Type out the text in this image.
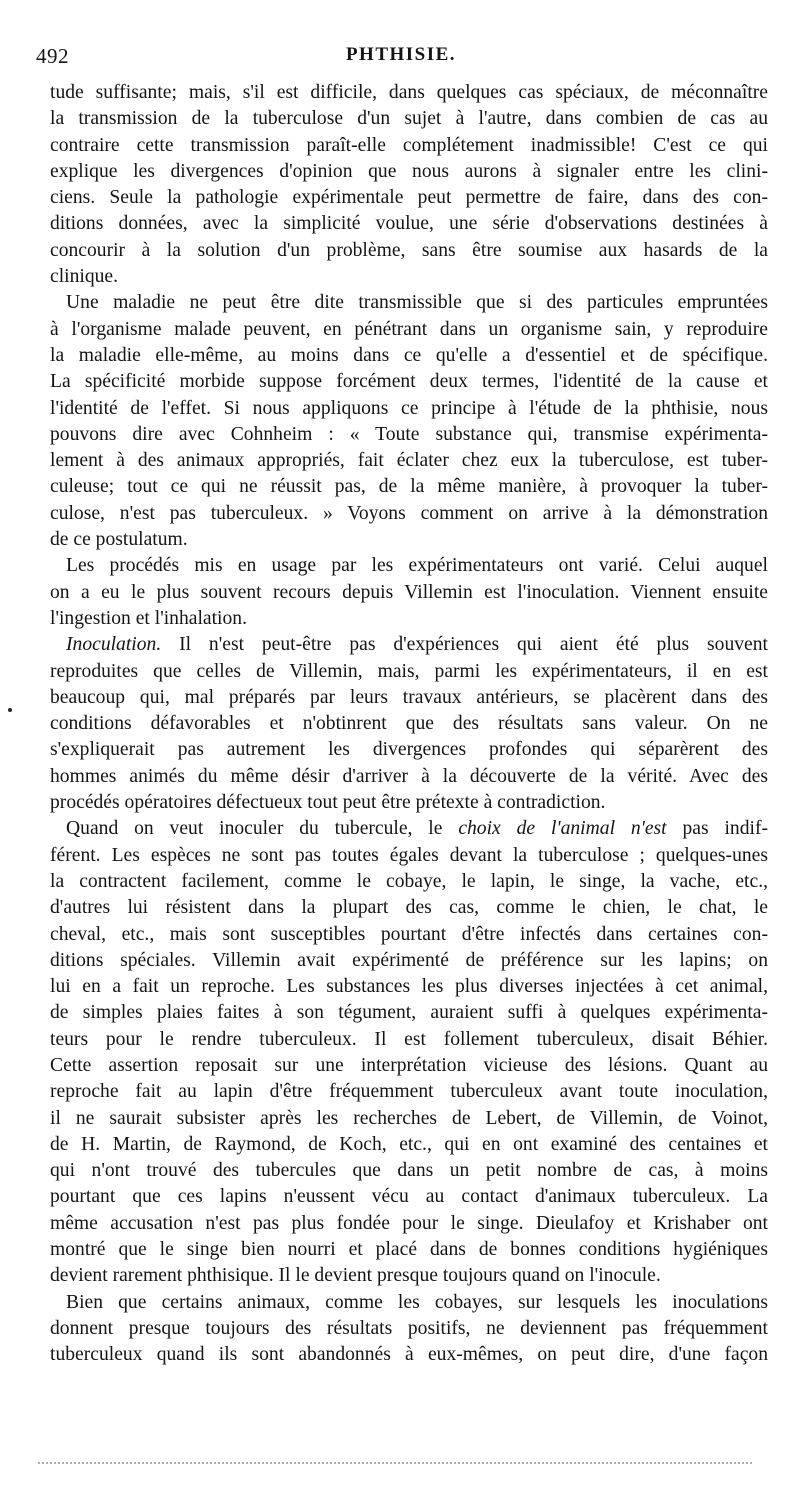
492	PHTHISIE.

tude suffisante; mais, s'il est difficile, dans quelques cas spéciaux, de méconnaître
la transmission de la tuberculose d'un sujet à l'autre, dans combien de cas au
contraire cette transmission paraît-elle complétement inadmissible! C'est ce qui
explique les divergences d'opinion que nous aurons à signaler entre les clini-
ciens. Seule la pathologie expérimentale peut permettre de faire, dans des con-
ditions données, avec la simplicité voulue, une série d'observations destinées à
concourir à la solution d'un problème, sans être soumise aux hasards de la
clinique.

Une maladie ne peut être dite transmissible que si des particules empruntées
à l'organisme malade peuvent, en pénétrant dans un organisme sain, y reproduire
la maladie elle-même, au moins dans ce qu'elle a d'essentiel et de spécifique.
La spécificité morbide suppose forcément deux termes, l'identité de la cause et
l'identité de l'effet. Si nous appliquons ce principe à l'étude de la phthisie, nous
pouvons dire avec Cohnheim : « Toute substance qui, transmise expérimenta-
lement à des animaux appropriés, fait éclater chez eux la tuberculose, est tuber-
culeuse; tout ce qui ne réussit pas, de la même manière, à provoquer la tuber-
culose, n'est pas tuberculeux. » Voyons comment on arrive à la démonstration
de ce postulatum.

Les procédés mis en usage par les expérimentateurs ont varié. Celui auquel
on a eu le plus souvent recours depuis Villemin est l'inoculation. Viennent ensuite
l'ingestion et l'inhalation.

Inoculation. Il n'est peut-être pas d'expériences qui aient été plus souvent
reproduites que celles de Villemin, mais, parmi les expérimentateurs, il en est
beaucoup qui, mal préparés par leurs travaux antérieurs, se placèrent dans des
conditions défavorables et n'obtinrent que des résultats sans valeur. On ne
s'expliquerait pas autrement les divergences profondes qui séparèrent des
hommes animés du même désir d'arriver à la découverte de la vérité. Avec des
procédés opératoires défectueux tout peut être prétexte à contradiction.

Quand on veut inoculer du tubercule, le choix de l'animal n'est pas indif-
férent. Les espèces ne sont pas toutes égales devant la tuberculose ; quelques-unes
la contractent facilement, comme le cobaye, le lapin, le singe, la vache, etc.,
d'autres lui résistent dans la plupart des cas, comme le chien, le chat, le
cheval, etc., mais sont susceptibles pourtant d'être infectés dans certaines con-
ditions spéciales. Villemin avait expérimenté de préférence sur les lapins; on
lui en a fait un reproche. Les substances les plus diverses injectées à cet animal,
de simples plaies faites à son tégument, auraient suffi à quelques expérimenta-
teurs pour le rendre tuberculeux. Il est follement tuberculeux, disait Béhier.
Cette assertion reposait sur une interprétation vicieuse des lésions. Quant au
reproche fait au lapin d'être fréquemment tuberculeux avant toute inoculation,
il ne saurait subsister après les recherches de Lebert, de Villemin, de Voinot,
de H. Martin, de Raymond, de Koch, etc., qui en ont examiné des centaines et
qui n'ont trouvé des tubercules que dans un petit nombre de cas, à moins
pourtant que ces lapins n'eussent vécu au contact d'animaux tuberculeux. La
même accusation n'est pas plus fondée pour le singe. Dieulafoy et Krishaber ont
montré que le singe bien nourri et placé dans de bonnes conditions hygiéniques
devient rarement phthisique. Il le devient presque toujours quand on l'inocule.

Bien que certains animaux, comme les cobayes, sur lesquels les inoculations
donnent presque toujours des résultats positifs, ne deviennent pas fréquemment
tuberculeux quand ils sont abandonnés à eux-mêmes, on peut dire, d'une façon
